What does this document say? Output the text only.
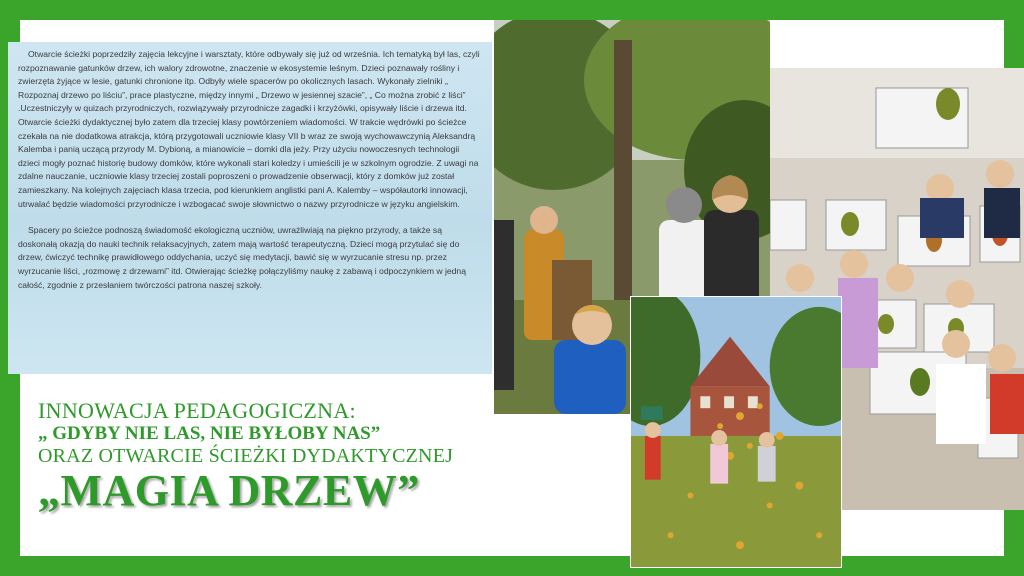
Otwarcie ścieżki poprzedziły zajęcia lekcyjne i warsztaty, które odbywały się już od września. Ich tematyką był las, czyli rozpoznawanie gatunków drzew, ich walory zdrowotne, znaczenie w ekosystemie leśnym. Dzieci poznawały rośliny i zwierzęta żyjące w lesie, gatunki chronione itp. Odbyły wiele spacerów po okolicznych lasach. Wykonały zielniki „ Rozpoznaj drzewo po liściu”, prace plastyczne, między innymi „ Drzewo w jesiennej szacie”, „ Co można zrobić z liści” .Uczestniczyły w quizach przyrodniczych, rozwiązywały przyrodnicze zagadki i krzyżówki, opisywały liście i drzewa itd. Otwarcie ścieżki dydaktycznej było zatem dla trzeciej klasy powtórzeniem wiadomości. W trakcie wędrówki po ścieżce czekała na nie dodatkowa atrakcja, którą przygotowali uczniowie klasy VII b wraz ze swoją wychowawczynią Aleksandrą Kalemba i panią uczącą przyrody M. Dybioną, a mianowicie – domki dla jeży. Przy użyciu nowoczesnych technologii dzieci mogły poznać historię budowy domków, które wykonali stari koledzy i umieścili je w szkolnym ogrodzie. Z uwagi na zdalne nauczanie, uczniowie klasy trzeciej zostali poproszeni o prowadzenie obserwacji, który z domków już został zamieszkany. Na kolejnych zajęciach klasa trzecia, pod kierunkiem anglistki pani A. Kalemby – współautorki innowacji, utrwalać będzie wiadomości przyrodnicze i wzbogacać swoje słownictwo o nazwy przyrodnicze w języku angielskim.

Spacery po ścieżce podnoszą świadomość ekologiczną uczniów, uwrażliwiają na piękno przyrody, a także są doskonałą okazją do nauki technik relaksacyjnych, zatem mają wartość terapeutyczną. Dzieci mogą przytulać się do drzew, ćwiczyć technikę prawidłowego oddychania, uczyć się medytacji, bawić się w wyrzucanie stresu np. przez wyrzucanie liści, „rozmowę z drzewami” itd. Otwierając ścieżkę połączyliśmy naukę z zabawą i odpoczynkiem w jedną całość, zgodnie z przesłaniem twórczości patrona naszej szkoły.

INNOWACJA PEDAGOGICZNA:
„ GDYBY NIE LAS, NIE BYŁOBY NAS”
ORAZ OTWARCIE ŚCIEŻKI DYDAKTYCZNEJ
„MAGIA DRZEW”
